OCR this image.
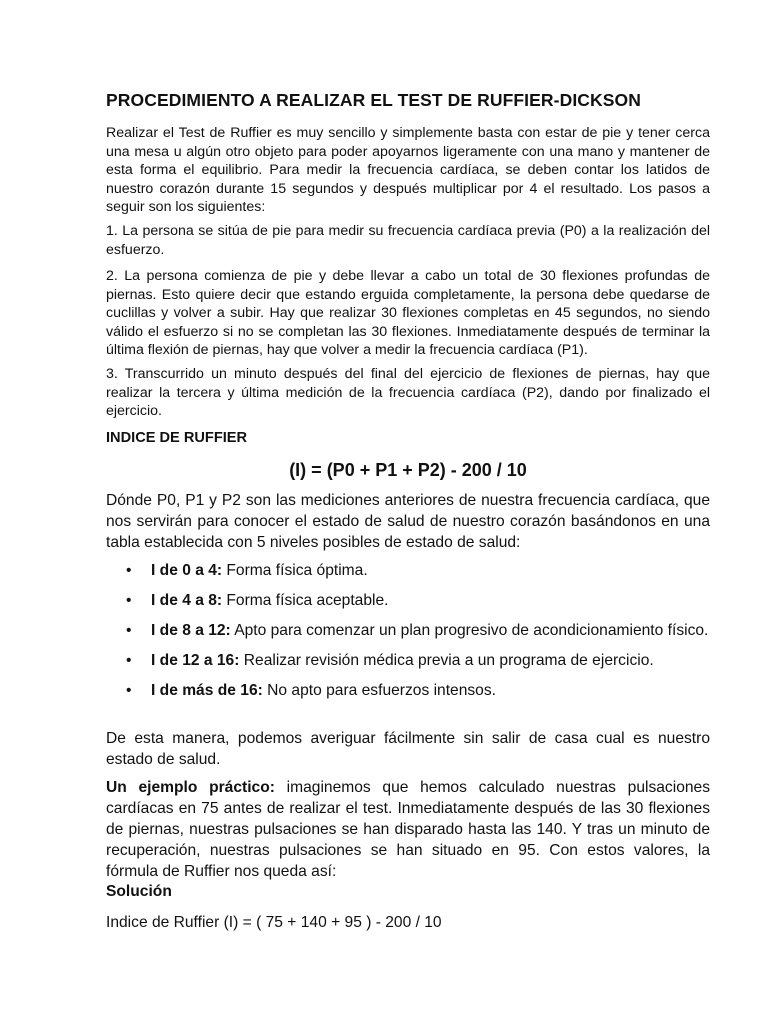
PROCEDIMIENTO A REALIZAR EL TEST DE RUFFIER-DICKSON

Realizar el Test de Ruffier es muy sencillo y simplemente basta con estar de pie y tener cerca una mesa u algún otro objeto para poder apoyarnos ligeramente con una mano y mantener de esta forma el equilibrio. Para medir la frecuencia cardíaca, se deben contar los latidos de nuestro corazón durante 15 segundos y después multiplicar por 4 el resultado. Los pasos a seguir son los siguientes:

1. La persona se sitúa de pie para medir su frecuencia cardíaca previa (P0) a la realización del esfuerzo.

2. La persona comienza de pie y debe llevar a cabo un total de 30 flexiones profundas de piernas. Esto quiere decir que estando erguida completamente, la persona debe quedarse de cuclillas y volver a subir. Hay que realizar 30 flexiones completas en 45 segundos, no siendo válido el esfuerzo si no se completan las 30 flexiones. Inmediatamente después de terminar la última flexión de piernas, hay que volver a medir la frecuencia cardíaca (P1).

3. Transcurrido un minuto después del final del ejercicio de flexiones de piernas, hay que realizar la tercera y última medición de la frecuencia cardíaca (P2), dando por finalizado el ejercicio.

INDICE DE RUFFIER

(I) = (P0 + P1 + P2) - 200 / 10

Dónde P0, P1 y P2 son las mediciones anteriores de nuestra frecuencia cardíaca, que nos servirán para conocer el estado de salud de nuestro corazón basándonos en una tabla establecida con 5 niveles posibles de estado de salud:

• I de 0 a 4: Forma física óptima.
• I de 4 a 8: Forma física aceptable.
• I de 8 a 12: Apto para comenzar un plan progresivo de acondicionamiento físico.
• I de 12 a 16: Realizar revisión médica previa a un programa de ejercicio.
• I de más de 16: No apto para esfuerzos intensos.

De esta manera, podemos averiguar fácilmente sin salir de casa cual es nuestro estado de salud.

Un ejemplo práctico: imaginemos que hemos calculado nuestras pulsaciones cardíacas en 75 antes de realizar el test. Inmediatamente después de las 30 flexiones de piernas, nuestras pulsaciones se han disparado hasta las 140. Y tras un minuto de recuperación, nuestras pulsaciones se han situado en 95. Con estos valores, la fórmula de Ruffier nos queda así:

Solución

Indice de Ruffier (I) = ( 75 + 140 + 95 ) - 200 / 10
